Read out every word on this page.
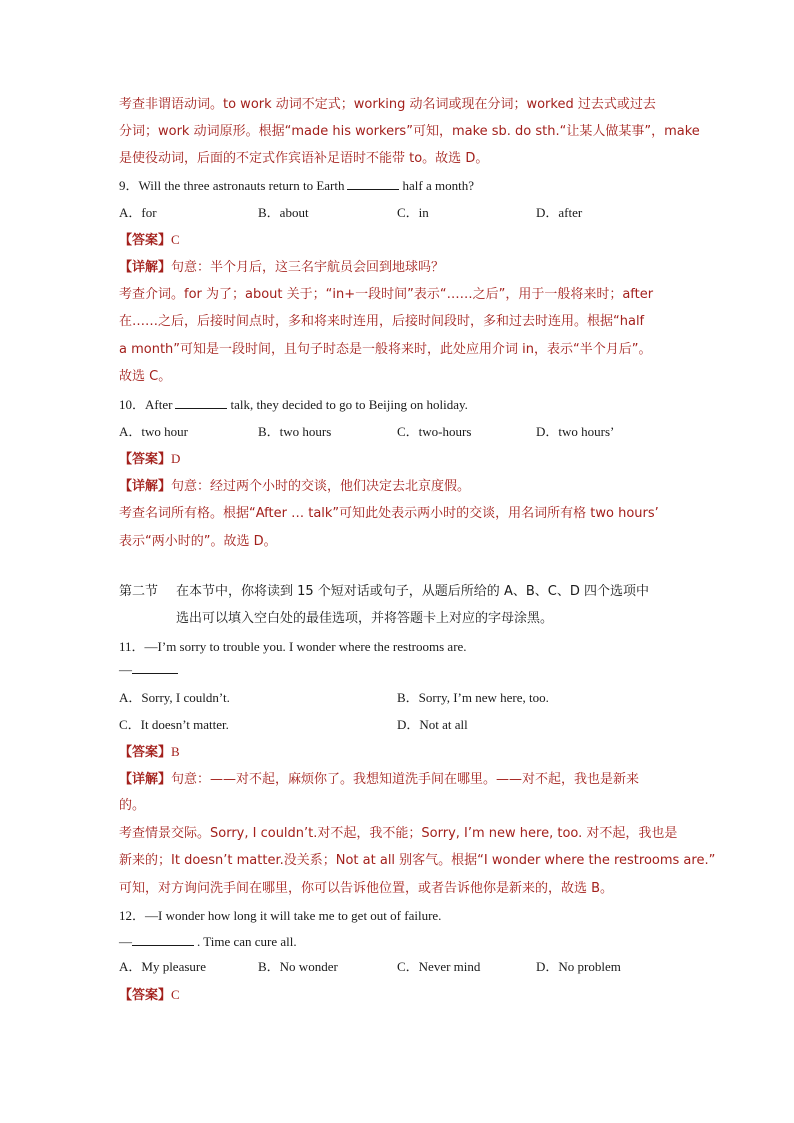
考查非谓语动词。to work 动词不定式；working 动名词或现在分词；worked 过去式或过去
分词；work 动词原形。根据“made his workers”可知，make sb. do sth.“让某人做某事”，make
是使役动词，后面的不定式作宾语补足语时不能带 to。故选 D。
9．Will the three astronauts return to Earth	half a month?
A．for	B．about	C．in	D．after
【答案】C
【详解】句意：半个月后，这三名宇航员会回到地球吗？
考查介词。for 为了；about 关于；“in+一段时间”表示“……之后”，用于一般将来时；after
在……之后，后接时间点时，多和将来时连用，后接时间段时，多和过去时连用。根据“half
a month”可知是一段时间，且句子时态是一般将来时，此处应用介词 in，表示“半个月后”。
故选 C。
10．After	talk, they decided to go to Beijing on holiday.
A．two hour	B．two hours	C．two-hours	D．two hours’
【答案】D
【详解】句意：经过两个小时的交谈，他们决定去北京度假。
考查名词所有格。根据“After … talk”可知此处表示两小时的交谈，用名词所有格 two hours’
表示“两小时的”。故选 D。
第二节	在本节中，你将读到 15 个短对话或句子，从题后所给的 A、B、C、D 四个选项中
选出可以填入空白处的最佳选项，并将答题卡上对应的字母涂黑。
11．—I’m sorry to trouble you. I wonder where the restrooms are.
—
A．Sorry, I couldn’t.	B．Sorry, I’m new here, too.
C．It doesn’t matter.	D．Not at all
【答案】B
【详解】句意：——对不起，麻烦你了。我想知道洗手间在哪里。——对不起，我也是新来
的。
考查情景交际。Sorry, I couldn’t.对不起，我不能；Sorry, I’m new here, too. 对不起，我也是
新来的；It doesn’t matter.没关系；Not at all 别客气。根据“I wonder where the restrooms are.”
可知，对方询问洗手间在哪里，你可以告诉他位置，或者告诉他你是新来的，故选 B。
12．—I wonder how long it will take me to get out of failure.
—	. Time can cure all.
A．My pleasure	B．No wonder	C．Never mind	D．No problem
【答案】C
